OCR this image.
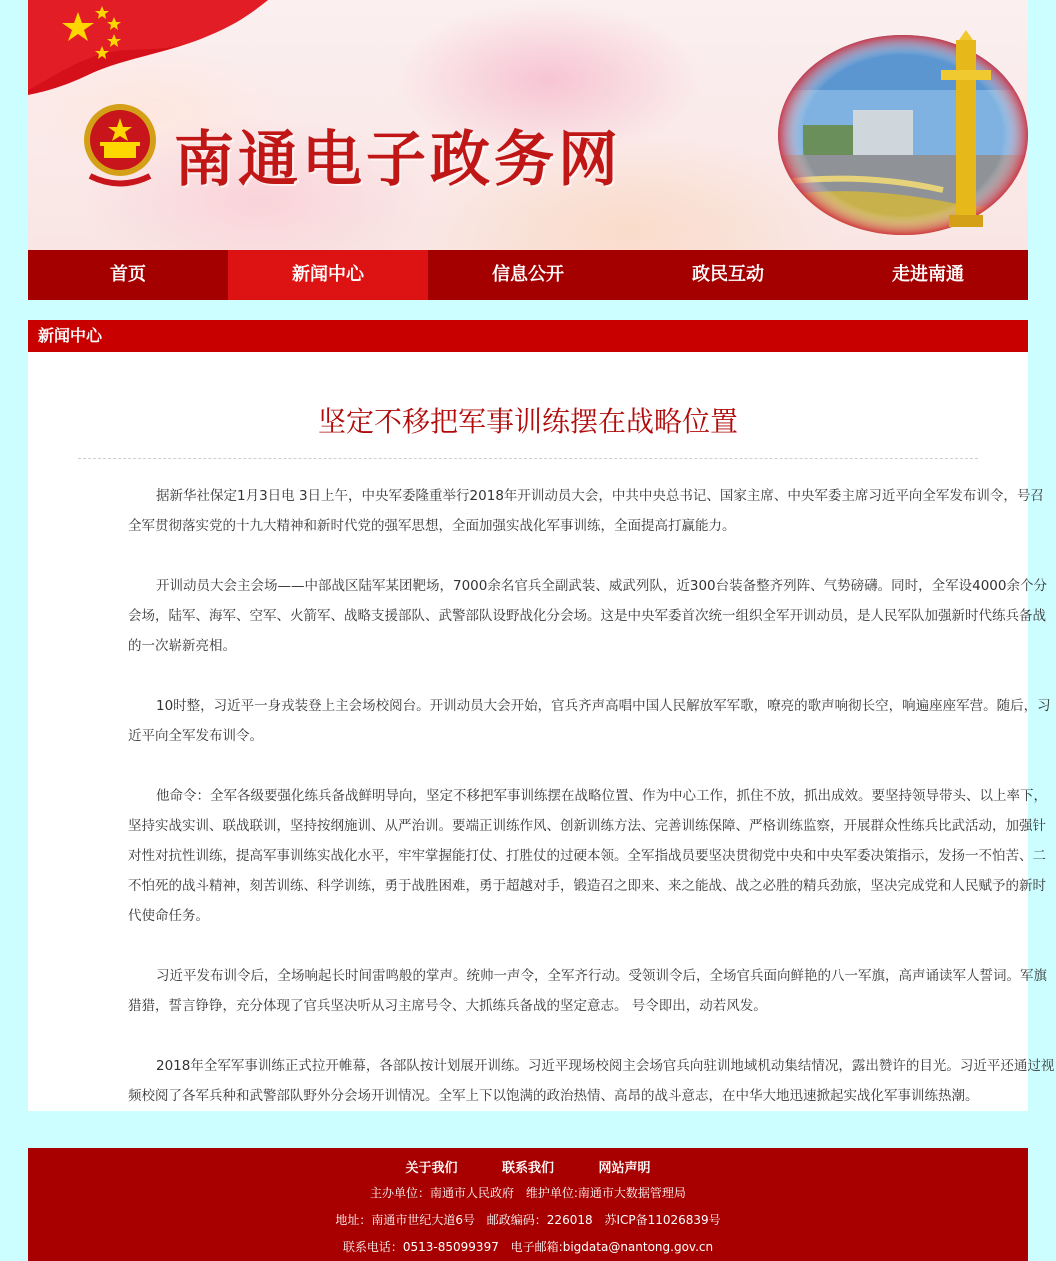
南通电子政务网
首页	新闻中心	信息公开	政民互动	走进南通
新闻中心
坚定不移把军事训练摆在战略位置

据新华社保定1月3日电 3日上午，中央军委隆重举行2018年开训动员大会，中共中央总书记、国家主席、中央军委主席习近平向全军发布训令，号召全军贯彻落实党的十九大精神和新时代党的强军思想，全面加强实战化军事训练，全面提高打赢能力。

开训动员大会主会场——中部战区陆军某团靶场，7000余名官兵全副武装、威武列队，近300台装备整齐列阵、气势磅礴。同时，全军设4000余个分会场，陆军、海军、空军、火箭军、战略支援部队、武警部队设野战化分会场。这是中央军委首次统一组织全军开训动员，是人民军队加强新时代练兵备战的一次崭新亮相。

10时整，习近平一身戎装登上主会场校阅台。开训动员大会开始，官兵齐声高唱中国人民解放军军歌，嘹亮的歌声响彻长空，响遍座座军营。随后，习近平向全军发布训令。

他命令：全军各级要强化练兵备战鲜明导向，坚定不移把军事训练摆在战略位置、作为中心工作，抓住不放，抓出成效。要坚持领导带头、以上率下，坚持实战实训、联战联训，坚持按纲施训、从严治训。要端正训练作风、创新训练方法、完善训练保障、严格训练监察，开展群众性练兵比武活动，加强针对性对抗性训练，提高军事训练实战化水平，牢牢掌握能打仗、打胜仗的过硬本领。全军指战员要坚决贯彻党中央和中央军委决策指示，发扬一不怕苦、二不怕死的战斗精神，刻苦训练、科学训练，勇于战胜困难，勇于超越对手，锻造召之即来、来之能战、战之必胜的精兵劲旅，坚决完成党和人民赋予的新时代使命任务。

习近平发布训令后，全场响起长时间雷鸣般的掌声。统帅一声令，全军齐行动。受领训令后，全场官兵面向鲜艳的八一军旗，高声诵读军人誓词。军旗猎猎，誓言铮铮，充分体现了官兵坚决听从习主席号令、大抓练兵备战的坚定意志。 号令即出，动若风发。

2018年全军军事训练正式拉开帷幕，各部队按计划展开训练。习近平现场校阅主会场官兵向驻训地域机动集结情况，露出赞许的目光。习近平还通过视频校阅了各军兵种和武警部队野外分会场开训情况。全军上下以饱满的政治热情、高昂的战斗意志，在中华大地迅速掀起实战化军事训练热潮。

关于我们	联系我们	网站声明
主办单位：南通市人民政府 维护单位:南通市大数据管理局
地址：南通市世纪大道6号 邮政编码：226018 苏ICP备11026839号
联系电话：0513-85099397 电子邮箱:bigdata@nantong.gov.cn
